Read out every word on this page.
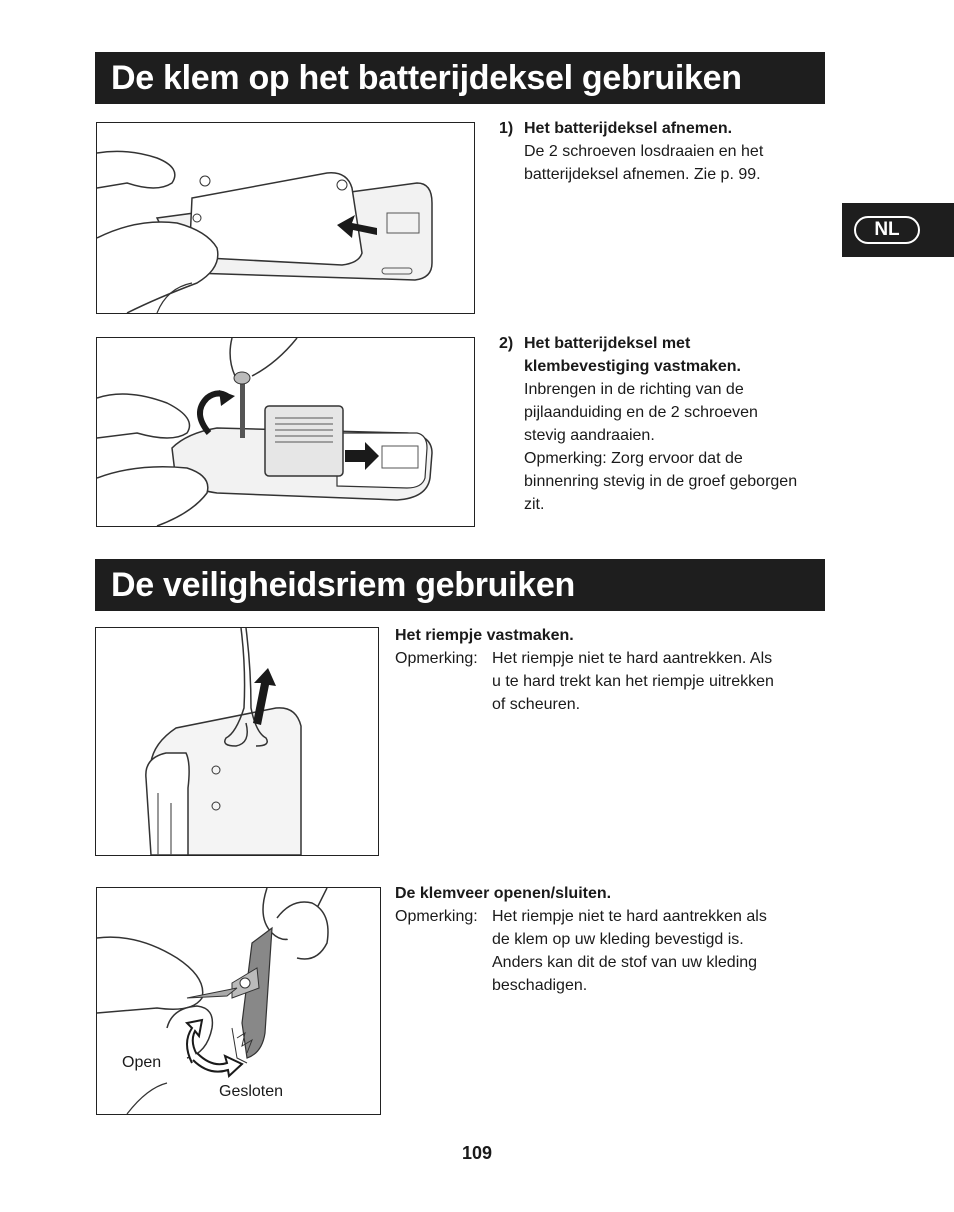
De klem op het batterijdeksel gebruiken
NL
1) Het batterijdeksel afnemen.
De 2 schroeven losdraaien en het
batterijdeksel afnemen. Zie p. 99.
2) Het batterijdeksel met
klembevestiging vastmaken.
Inbrengen in de richting van de
pijlaanduiding en de 2 schroeven
stevig aandraaien.
Opmerking: Zorg ervoor dat de
binnenring stevig in de groef geborgen
zit.
De veiligheidsriem gebruiken
Het riempje vastmaken.
Opmerking: Het riempje niet te hard aantrekken. Als
u te hard trekt kan het riempje uitrekken
of scheuren.
Open
Gesloten
De klemveer openen/sluiten.
Opmerking: Het riempje niet te hard aantrekken als
de klem op uw kleding bevestigd is.
Anders kan dit de stof van uw kleding
beschadigen.
109
